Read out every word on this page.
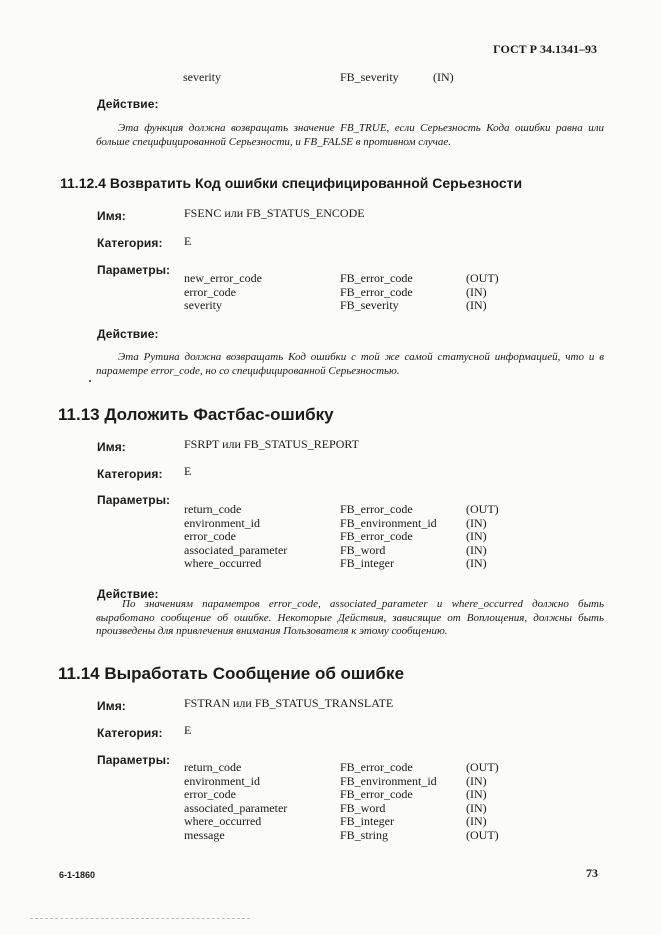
ГОСТ Р 34.1341–93
severity	FB_severity	(IN)
Действие:
Эта функция должна возвращать значение FB_TRUE, если Серьезность Кода ошибки равна или больше специфицированной Серьезности, и FB_FALSE в противном случае.
11.12.4 Возвратить Код ошибки специфицированной Серьезности
Имя:	FSENC или FB_STATUS_ENCODE
Категория: E
Параметры:
new_error_code	FB_error_code	(OUT)
error_code	FB_error_code	(IN)
severity	FB_severity	(IN)
Действие:
Эта Рутина должна возвращать Код ошибки с той же самой статусной информацией, что и в параметре error_code, но со специфицированной Серьезностью.
11.13 Доложить Фастбас-ошибку
Имя:	FSRPT или FB_STATUS_REPORT
Категория: E
Параметры:
return_code	FB_error_code	(OUT)
environment_id	FB_environment_id (IN)
error_code	FB_error_code	(IN)
associated_parameter	FB_word	(IN)
where_occurred	FB_integer	(IN)
Действие:
По значениям параметров error_code, associated_parameter и where_occurred должно быть выработано сообщение об ошибке. Некоторые Действия, зависящие от Воплощения, должны быть произведены для привлечения внимания Пользователя к этому сообщению.
11.14 Выработать Сообщение об ошибке
Имя:	FSTRAN или FB_STATUS_TRANSLATE
Категория: E
Параметры: return_code	FB_error_code	(OUT)
environment_id	FB_environment_id (IN)
error_code	FB_error_code	(IN)
associated_parameter	FB_word	(IN)
where_occurred	FB_integer	(IN)
message	FB_string	(OUT)
6-1-1860	73
